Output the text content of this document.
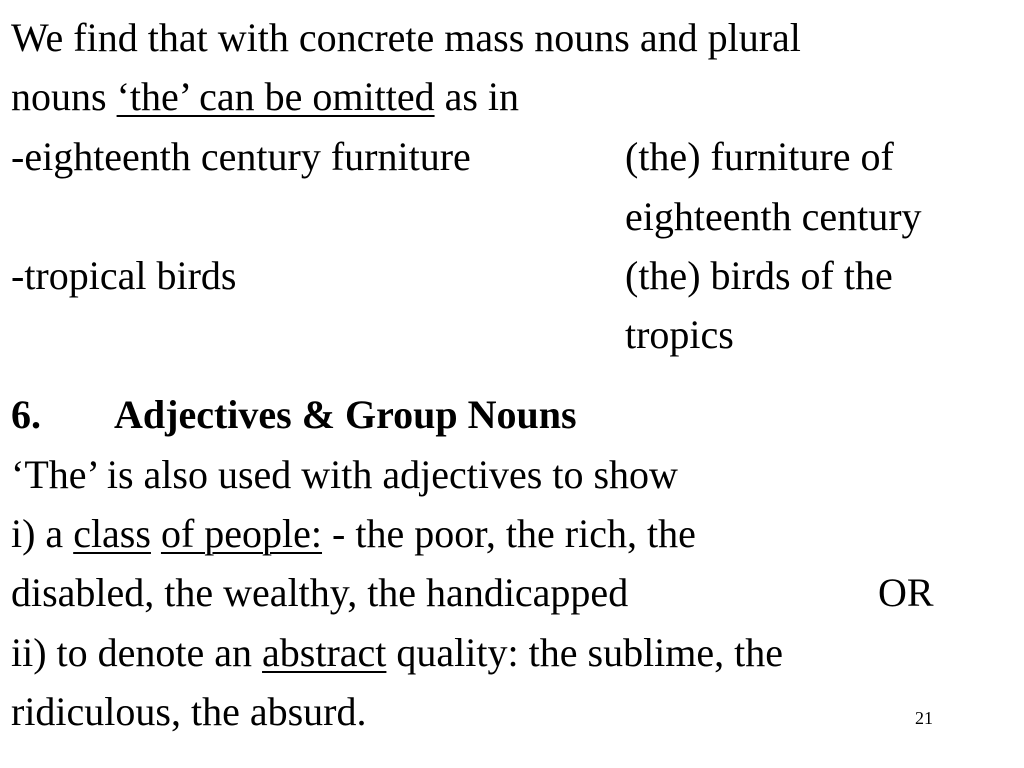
We find that with concrete mass nouns and plural
nouns ‘the’ can be omitted as in
-eighteenth century furniture	(the) furniture of
eighteenth century
-tropical birds	(the) birds of the
tropics
6. Adjectives & Group Nouns
‘The’ is also used with adjectives to show
i) a class of people: - the poor, the rich, the
disabled, the wealthy, the handicapped	OR
ii) to denote an abstract quality: the sublime, the
ridiculous, the absurd.	21
